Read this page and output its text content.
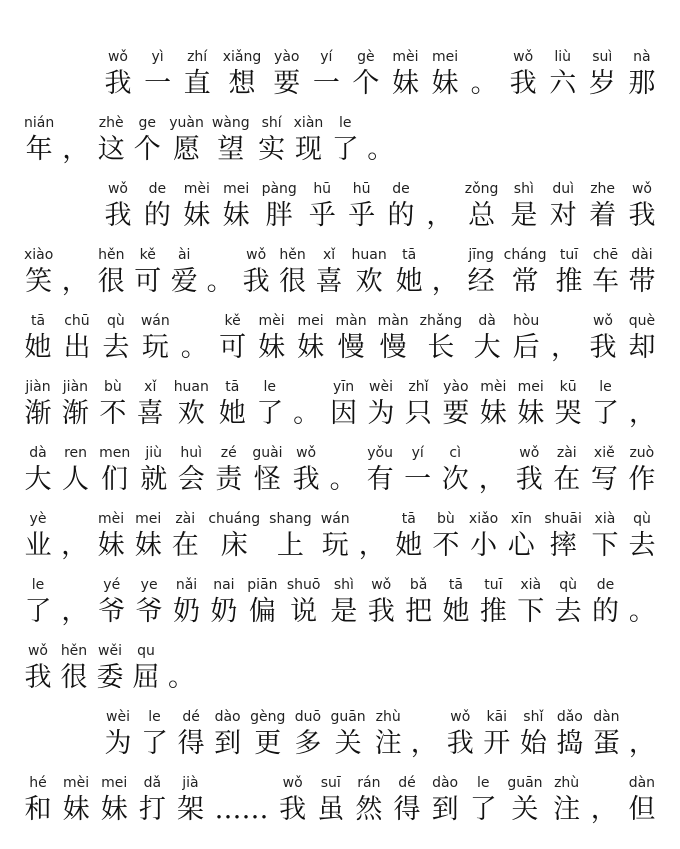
wǒ
我
yì
一
zhí
直
xiǎng
想
yào
要
yí
一
gè
个
mèi
妹
mei
妹 。
wǒ
我
liù
六
suì
岁
nà
那
nián
年 ，
zhè
这
ge
个
yuàn
愿
wàng
望
shí
实
xiàn
现
le
了 。
wǒ
我
de
的
mèi
妹
mei
妹
pàng
胖
hū
乎
hū
乎
de
的 ，
zǒng
总
shì
是
duì
对
zhe
着
wǒ
我
xiào
笑 ，
hěn
很
kě
可
ài
爱 。
wǒ
我
hěn
很
xǐ
喜
huan
欢
tā
她 ，
jīng
经
cháng
常
tuī
推
chē
车
dài
带
tā
她
chū
出
qù
去
wán
玩 。
kě
可
mèi
妹
mei
妹
màn
慢
màn
慢
zhǎng
长
dà
大
hòu
后 ，
wǒ
我
què
却
jiàn
渐
jiàn
渐
bù
不
xǐ
喜
huan
欢
tā
她
le
了 。
yīn
因
wèi
为
zhǐ
只
yào
要
mèi
妹
mei
妹
kū
哭
le
了 ，
dà
大
ren
人
men
们
jiù
就
huì
会
zé
责
guài
怪
wǒ
我 。
yǒu
有
yí
一
cì
次 ，
wǒ
我
zài
在
xiě
写
zuò
作
yè
业 ，
mèi
妹
mei
妹
zài
在
chuáng
床
shang
上
wán
玩 ，
tā
她
bù
不
xiǎo
小
xīn
心
shuāi
摔
xià
下
qù
去
le
了 ，
yé
爷
ye
爷
nǎi
奶
nai
奶
piān
偏
shuō
说
shì
是
wǒ
我
bǎ
把
tā
她
tuī
推
xià
下
qù
去
de
的 。
wǒ
我
hěn
很
wěi
委
qu
屈 。
wèi
为
le
了
dé
得
dào
到
gèng
更
duō
多
guān
关
zhù
注 ，
wǒ
我
kāi
开
shǐ
始
dǎo
捣
dàn
蛋 ，
hé
和
mèi
妹
mei
妹
dǎ
打
jià
架 ……
wǒ
我
suī
虽
rán
然
dé
得
dào
到
le
了
guān
关
zhù
注 ，
dàn
但
